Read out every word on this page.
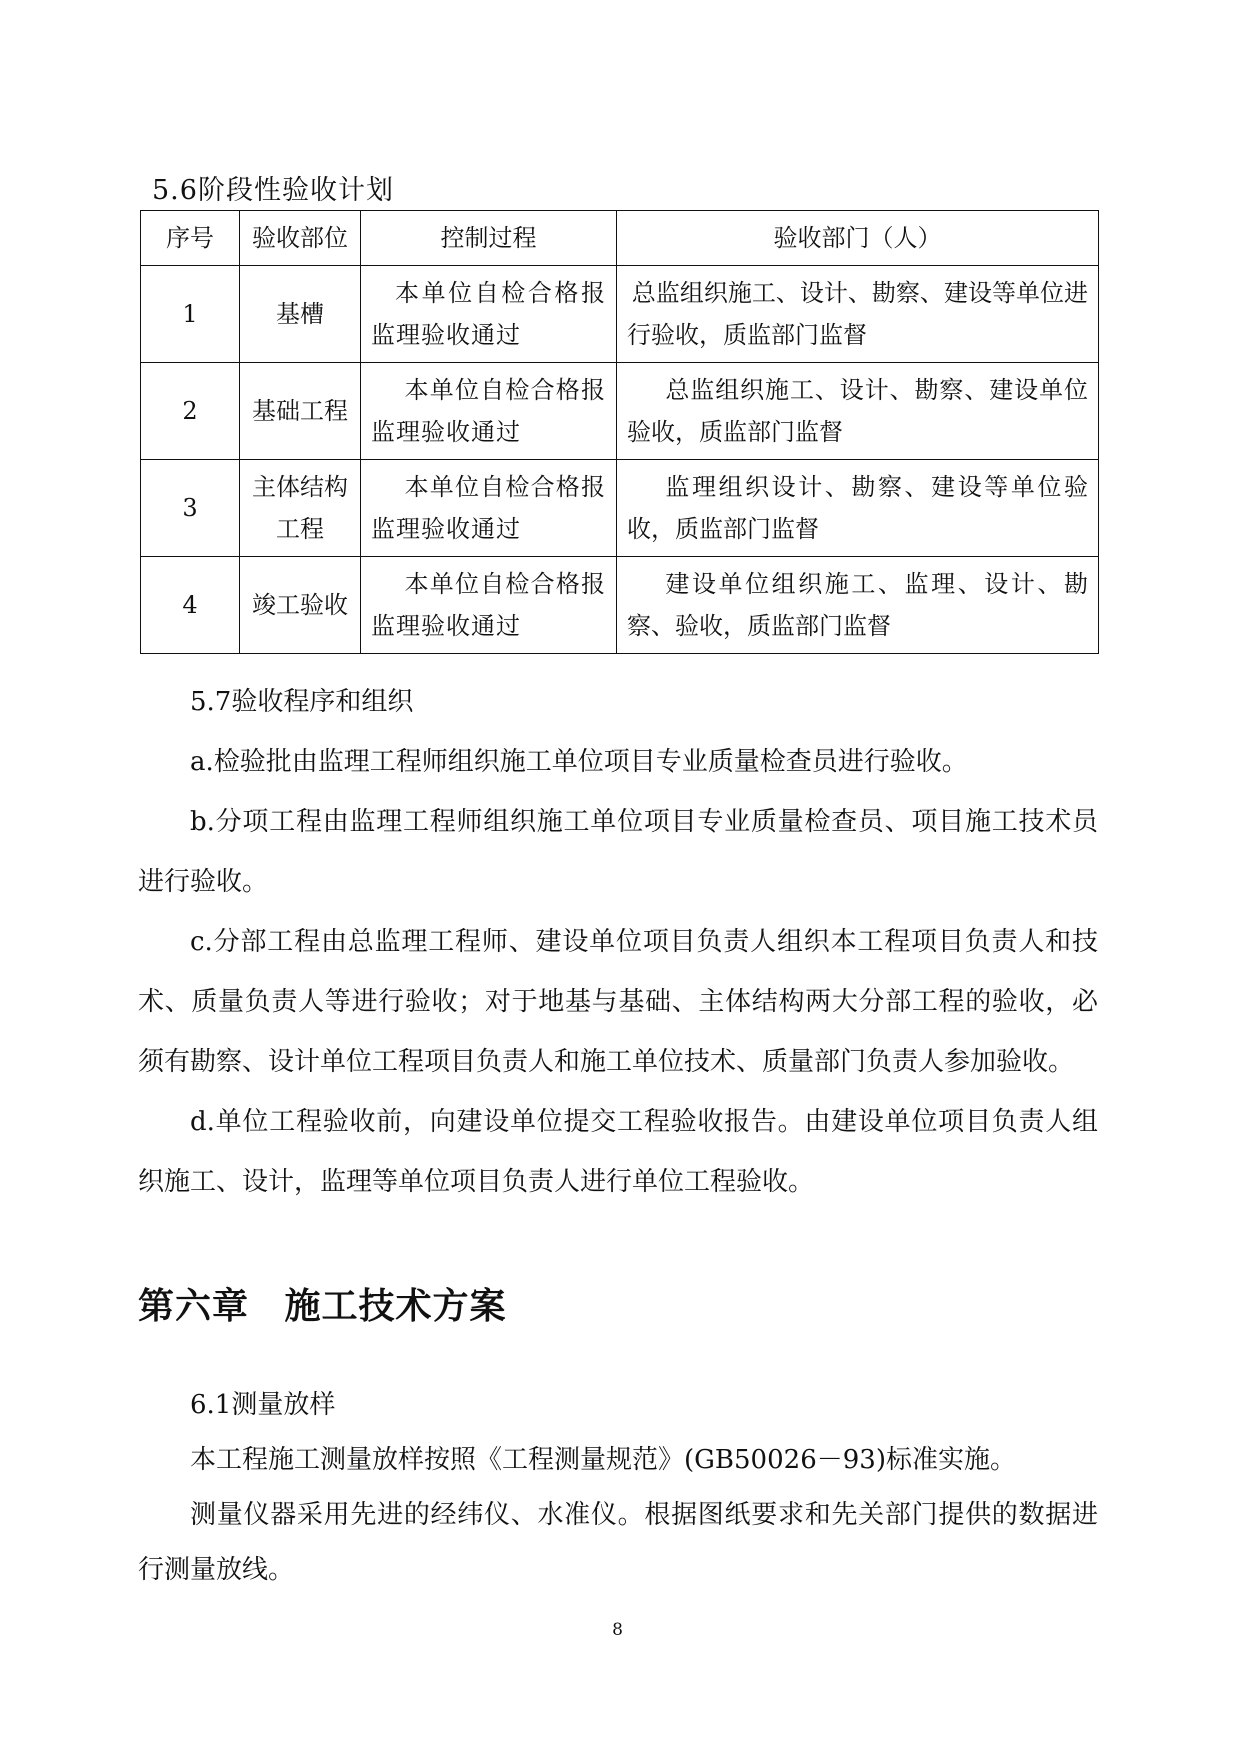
5.6阶段性验收计划
序号	验收部位	控制过程	验收部门（人）
1	基槽	本单位自检合格报监理验收通过	总监组织施工、设计、勘察、建设等单位进行验收，质监部门监督
2	基础工程	本单位自检合格报监理验收通过	总监组织施工、设计、勘察、建设单位验收，质监部门监督
3	主体结构工程	本单位自检合格报监理验收通过	监理组织设计、勘察、建设等单位验收，质监部门监督
4	竣工验收	本单位自检合格报监理验收通过	建设单位组织施工、监理、设计、勘察、验收，质监部门监督

5.7验收程序和组织

a.检验批由监理工程师组织施工单位项目专业质量检查员进行验收。

b.分项工程由监理工程师组织施工单位项目专业质量检查员、项目施工技术员进行验收。

c.分部工程由总监理工程师、建设单位项目负责人组织本工程项目负责人和技术、质量负责人等进行验收；对于地基与基础、主体结构两大分部工程的验收，必须有勘察、设计单位工程项目负责人和施工单位技术、质量部门负责人参加验收。

d.单位工程验收前，向建设单位提交工程验收报告。由建设单位项目负责人组织施工、设计，监理等单位项目负责人进行单位工程验收。

第六章 施工技术方案

6.1测量放样

本工程施工测量放样按照《工程测量规范》(GB50026－93)标准实施。

测量仪器采用先进的经纬仪、水准仪。根据图纸要求和先关部门提供的数据进行测量放线。

8
